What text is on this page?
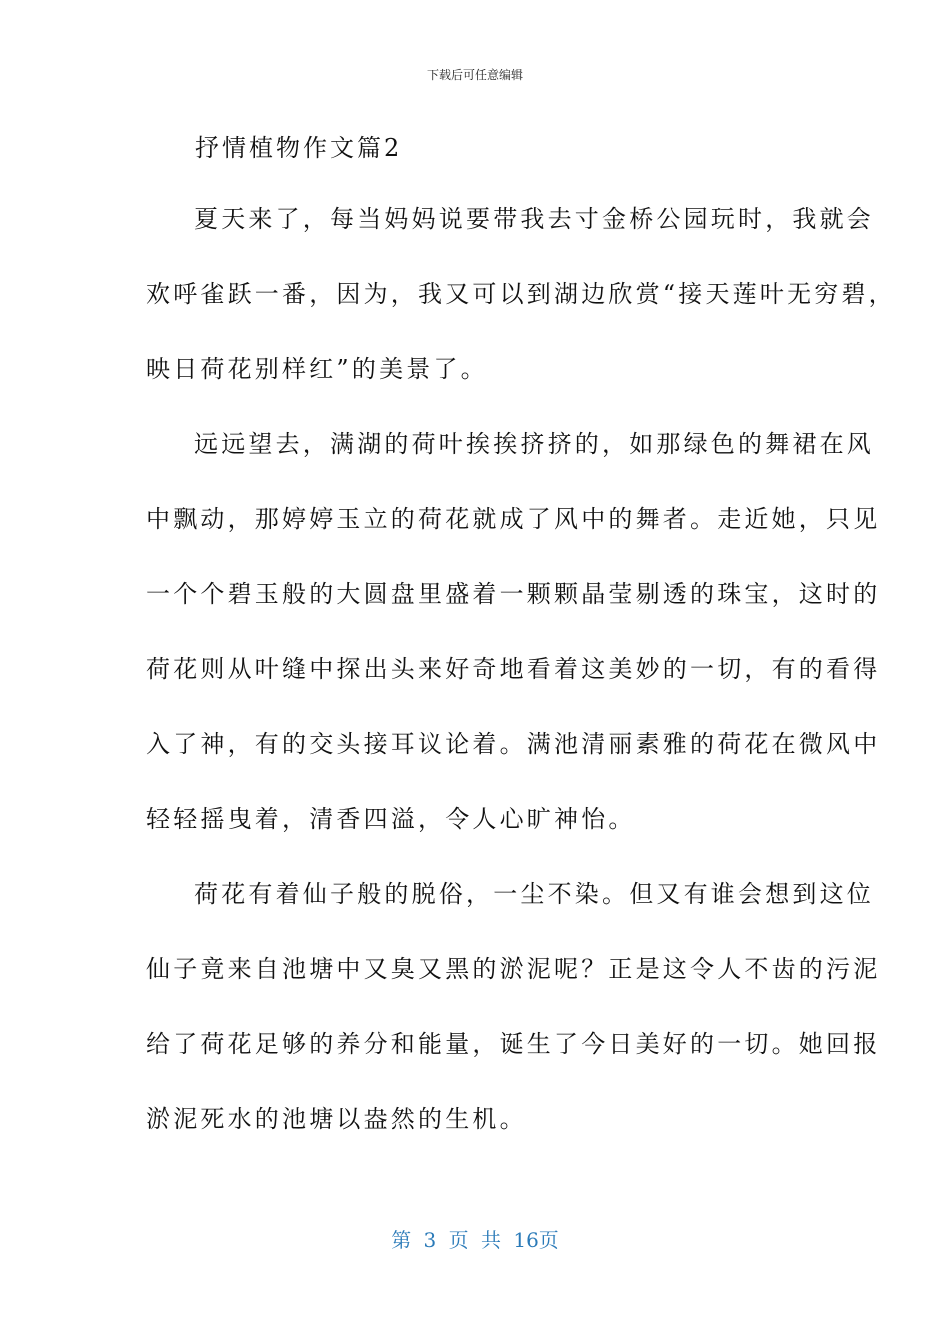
下载后可任意编辑
抒情植物作文篇2
夏天来了，每当妈妈说要带我去寸金桥公园玩时，我就会
欢呼雀跃一番，因为，我又可以到湖边欣赏“接天莲叶无穷碧，
映日荷花别样红”的美景了。
远远望去，满湖的荷叶挨挨挤挤的，如那绿色的舞裙在风
中飘动，那婷婷玉立的荷花就成了风中的舞者。走近她，只见
一个个碧玉般的大圆盘里盛着一颗颗晶莹剔透的珠宝，这时的
荷花则从叶缝中探出头来好奇地看着这美妙的一切，有的看得
入了神，有的交头接耳议论着。满池清丽素雅的荷花在微风中
轻轻摇曳着，清香四溢，令人心旷神怡。
荷花有着仙子般的脱俗，一尘不染。但又有谁会想到这位
仙子竟来自池塘中又臭又黑的淤泥呢？正是这令人不齿的污泥
给了荷花足够的养分和能量，诞生了今日美好的一切。她回报
淤泥死水的池塘以盎然的生机。
第 3 页 共 16页
